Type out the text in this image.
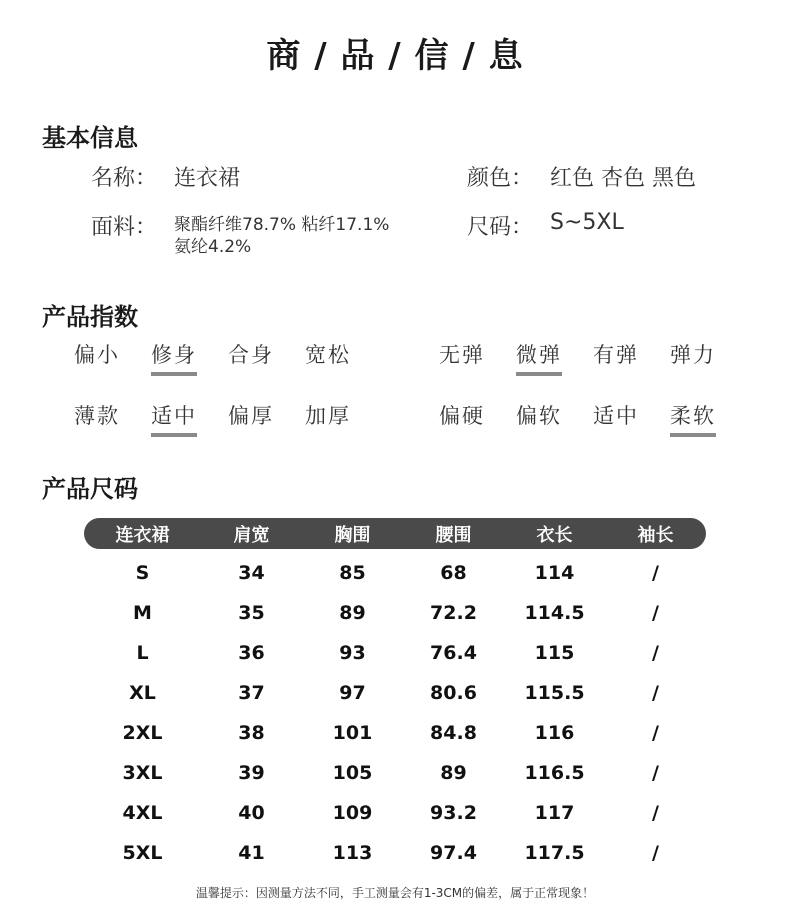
商 / 品 / 信 / 息
基本信息
名称： 连衣裙	颜色： 红色 杏色 黑色
面料： 聚酯纤维78.7% 粘纤17.1%
氨纶4.2%
尺码： S~5XL
产品指数
偏小 修身 合身 宽松	无弹 微弹 有弹 弹力
薄款 适中 偏厚 加厚	偏硬 偏软 适中 柔软
产品尺码
连衣裙	肩宽	胸围	腰围	衣长	袖长
S	34	85	68	114	/
M	35	89	72.2	114.5	/
L	36	93	76.4	115	/
XL	37	97	80.6	115.5	/
2XL	38	101	84.8	116	/
3XL	39	105	89	116.5	/
4XL	40	109	93.2	117	/
5XL	41	113	97.4	117.5	/
温馨提示：因测量方法不同，手工测量会有1-3CM的偏差，属于正常现象！
